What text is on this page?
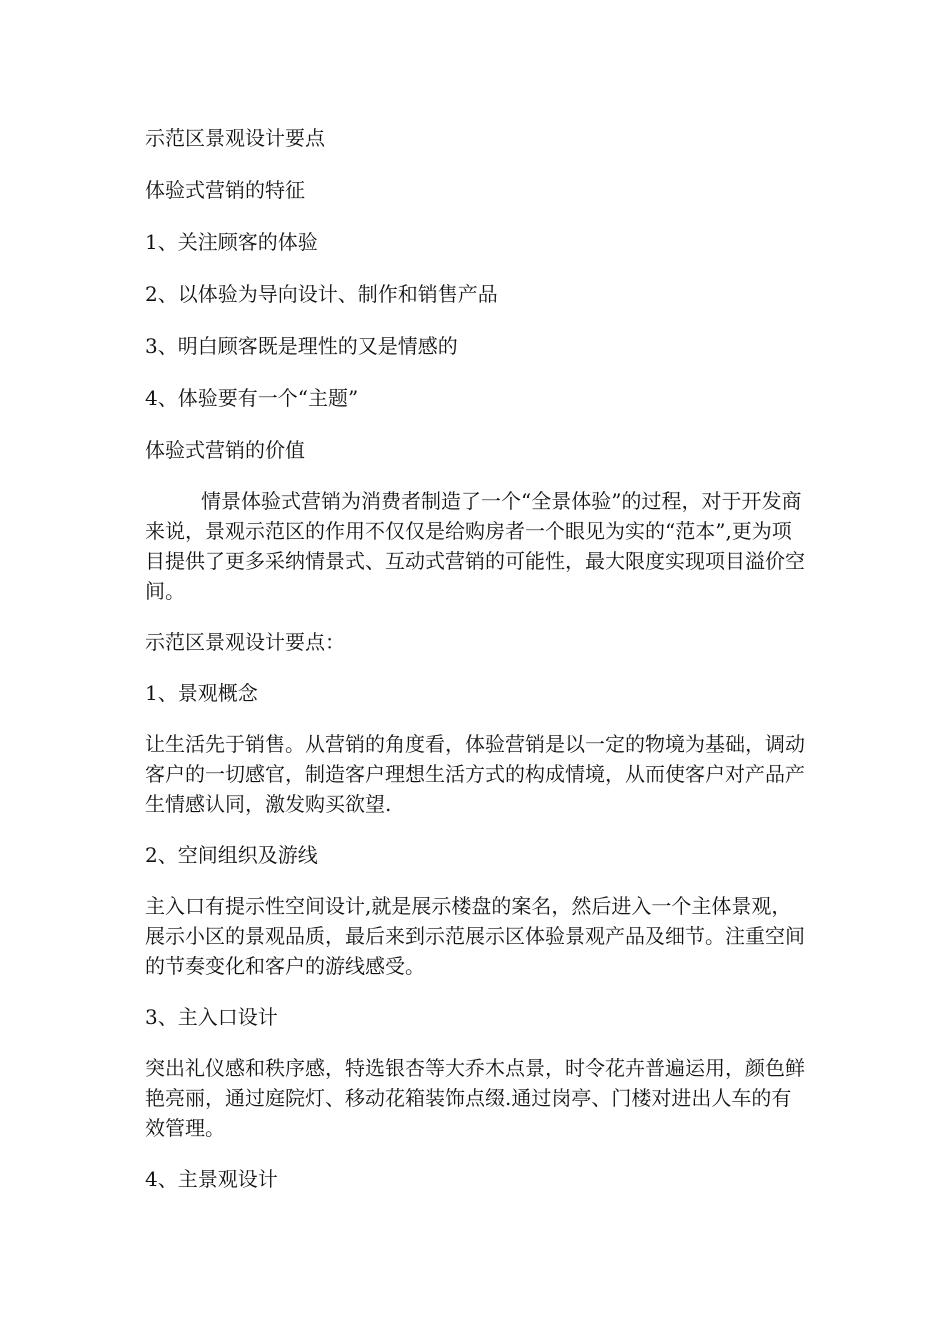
示范区景观设计要点

体验式营销的特征

1、关注顾客的体验

2、以体验为导向设计、制作和销售产品

3、明白顾客既是理性的又是情感的

4、体验要有一个“主题”

体验式营销的价值

情景体验式营销为消费者制造了一个“全景体验”的过程，对于开发商来说，景观示范区的作用不仅仅是给购房者一个眼见为实的“范本”,更为项目提供了更多采纳情景式、互动式营销的可能性，最大限度实现项目溢价空间。

示范区景观设计要点：

1、景观概念

让生活先于销售。从营销的角度看，体验营销是以一定的物境为基础，调动客户的一切感官，制造客户理想生活方式的构成情境，从而使客户对产品产生情感认同，激发购买欲望.

2、空间组织及游线

主入口有提示性空间设计,就是展示楼盘的案名，然后进入一个主体景观，展示小区的景观品质，最后来到示范展示区体验景观产品及细节。注重空间的节奏变化和客户的游线感受。

3、主入口设计

突出礼仪感和秩序感，特选银杏等大乔木点景，时令花卉普遍运用，颜色鲜艳亮丽，通过庭院灯、移动花箱装饰点缀.通过岗亭、门楼对进出人车的有效管理。

4、主景观设计
